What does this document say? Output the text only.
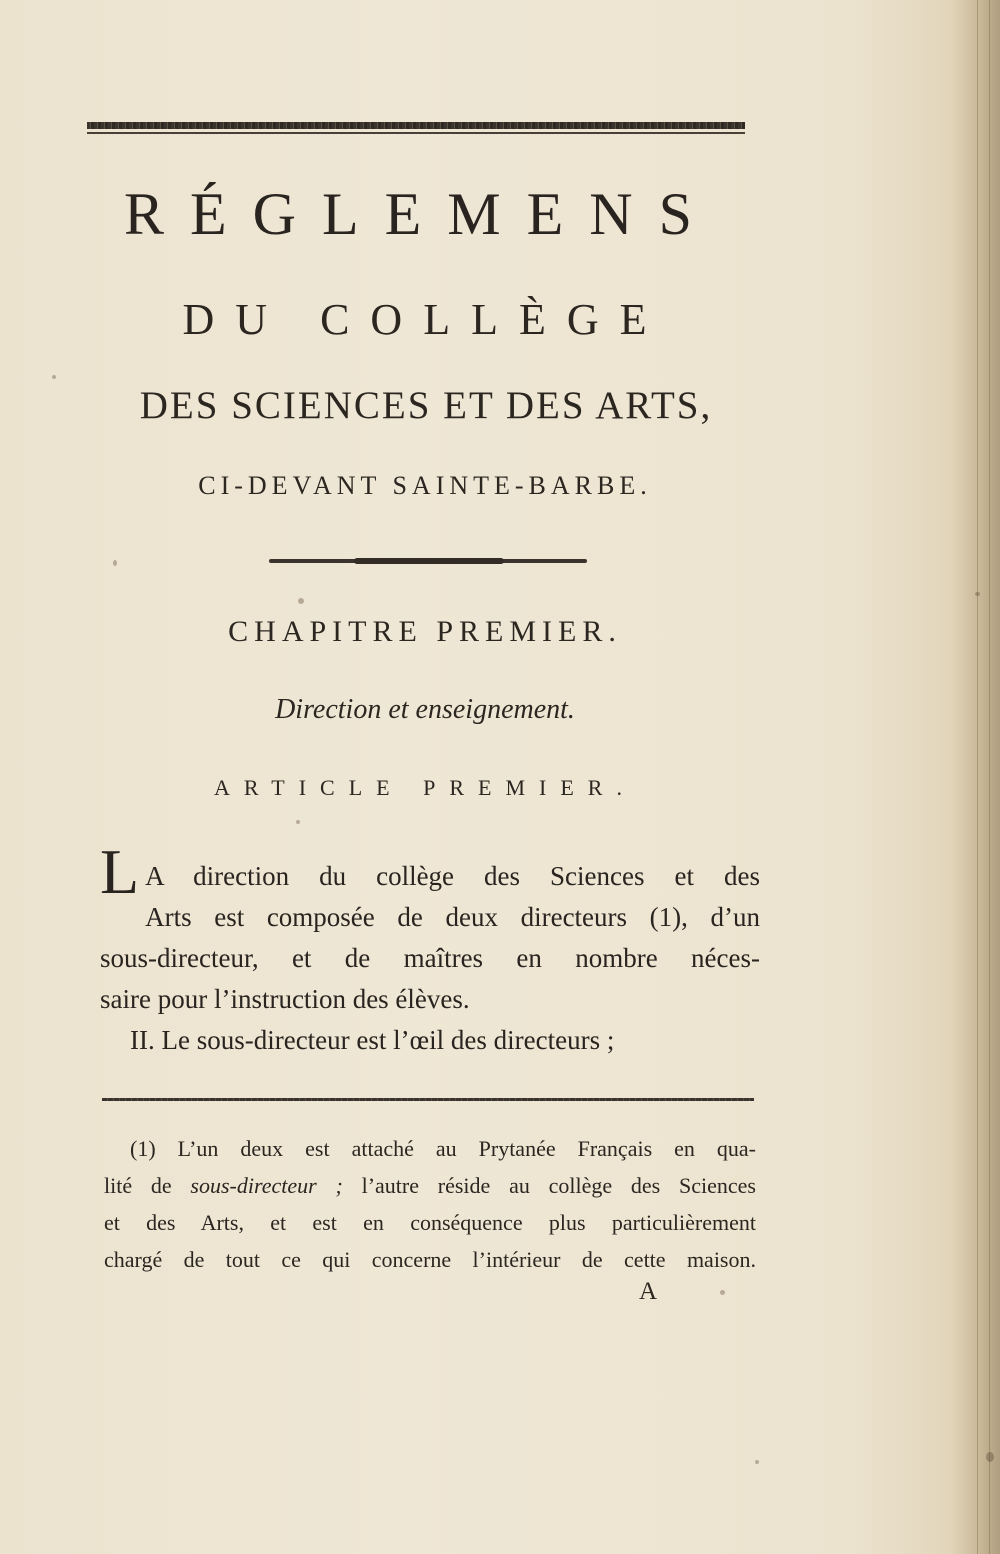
RÉGLEMENS
DU COLLÈGE
DES SCIENCES ET DES ARTS,
CI-DEVANT SAINTE-BARBE.
CHAPITRE PREMIER.
Direction et enseignement.
ARTICLE PREMIER.
L A direction du collège des Sciences et des
Arts est composée de deux directeurs (1), d’un
sous-directeur, et de maîtres en nombre néces-
saire pour l’instruction des élèves.
II. Le sous-directeur est l’œil des directeurs ;
(1) L’un deux est attaché au Prytanée Français en qua-
lité de sous-directeur ; l’autre réside au collège des Sciences
et des Arts, et est en conséquence plus particulièrement
chargé de tout ce qui concerne l’intérieur de cette maison.
A
